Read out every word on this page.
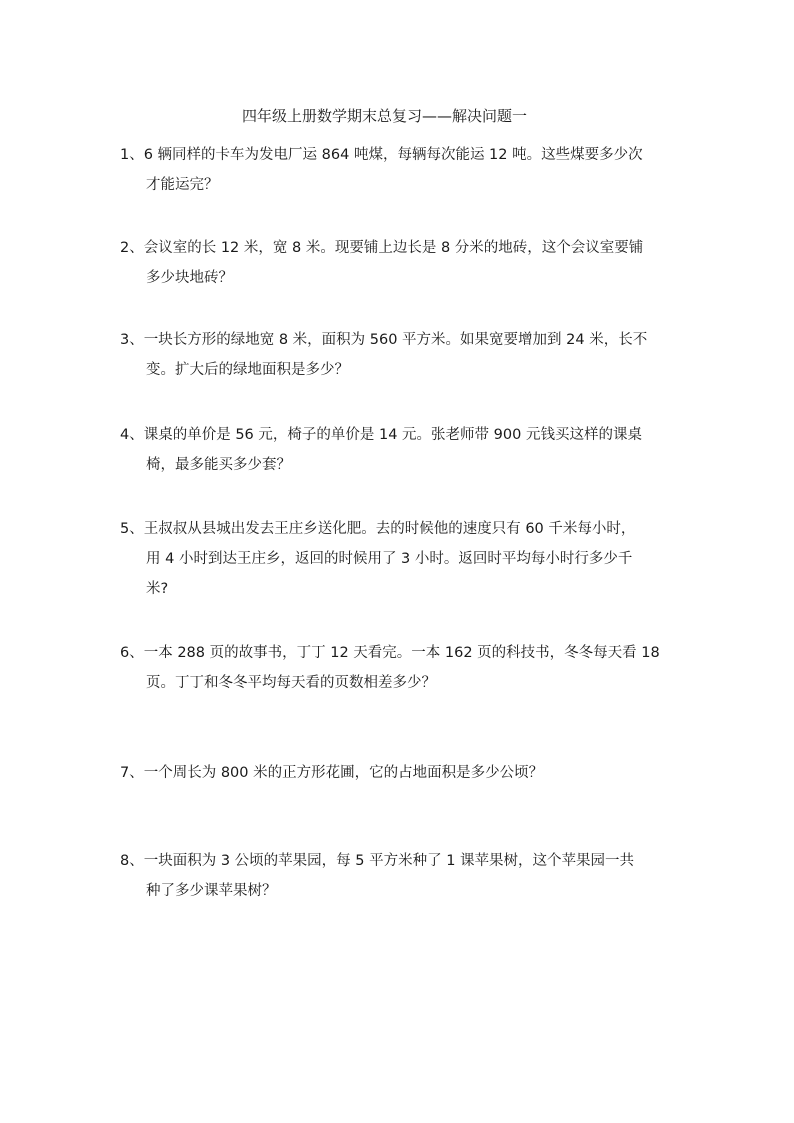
四年级上册数学期末总复习——解决问题一
1、6 辆同样的卡车为发电厂运 864 吨煤，每辆每次能运 12 吨。这些煤要多少次
才能运完？
2、会议室的长 12 米，宽 8 米。现要铺上边长是 8 分米的地砖，这个会议室要铺
多少块地砖？
3、一块长方形的绿地宽 8 米，面积为 560 平方米。如果宽要增加到 24 米，长不
变。扩大后的绿地面积是多少？
4、课桌的单价是 56 元，椅子的单价是 14 元。张老师带 900 元钱买这样的课桌
椅，最多能买多少套？
5、王叔叔从县城出发去王庄乡送化肥。去的时候他的速度只有 60 千米每小时，
用 4 小时到达王庄乡，返回的时候用了 3 小时。返回时平均每小时行多少千
米?
6、一本 288 页的故事书，丁丁 12 天看完。一本 162 页的科技书，冬冬每天看 18
页。丁丁和冬冬平均每天看的页数相差多少？
7、一个周长为 800 米的正方形花圃，它的占地面积是多少公顷？
8、一块面积为 3 公顷的苹果园，每 5 平方米种了 1 课苹果树，这个苹果园一共
种了多少课苹果树？
